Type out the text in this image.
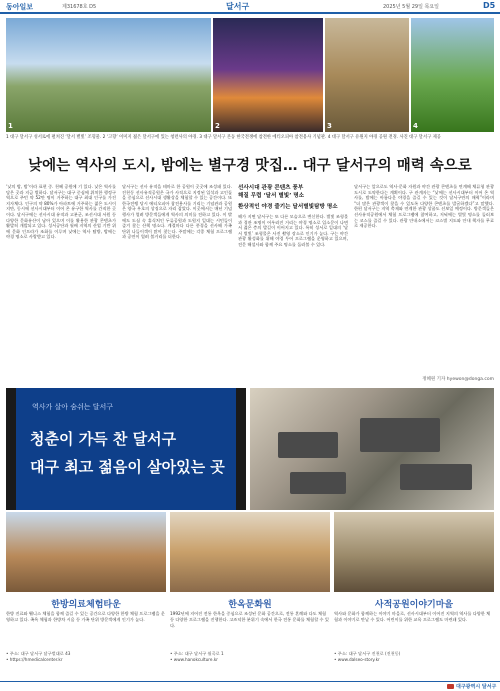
동아일보	제31678호 D5	달서구	2025년 5월 29일 목요일	D5
1	2	3	4
1 대구 달서구 성서로에 펼쳐진 ‘달서 별빛’ 조형물. 2 ‘고향’ 이미지 젊은 달서구에 있는 청련사의 야경. 3 대구 달서구 본동 한국전쟁에 참전한 에티오피아 참전용사 기념관. 4 대구 달서구 유원지 야경 공원 전경. 사진 대구 달서구 제공
낮에는 역사의 도시, 밤에는 별구경 맛집… 대구 달서구의 매력 속으로
‘낮의 밤, 밤’이라 표현 중. 천혜 공원에 기 있다. 낮은 역사를 담은 곳과 지금 별하다. 달서구는 대구 중심에 위치한 행정구역으로 주민 약 52만 명이 거주하는 대구 최대 인구를 가진 지자체다. 인구의 약 80%가 아파트에 거주하는 젊은 도시이지만, 동시에 선사시대부터 이어 온 유구한 역사를 간직한 곳이다. 달서구에는 선사시대 유적과 고분군, 조선시대 서원 등 다양한 문화유산이 남아 있으며 이를 활용한 관광 콘텐츠가 활발히 개발되고 있다. 성서공단과 월배 지역의 산업 기반 위에 문화 인프라가 조화를 이루며 낮에는 역사 탐방, 밤에는 야경 명소로 사랑받고 있다.
달서구는 선사 유적을 테마로 한 공원이 곳곳에 조성돼 있다. 진천동 선사유적공원은 국가 사적으로 지정된 입석과 고인돌을 중심으로 선사시대 생활상을 체험할 수 있는 공간이다. 또 한국전쟁 당시 에티오피아 참전용사를 기리는 기념관과 공원은 양국 우호의 상징으로 자리 잡았다. 이곳에서는 매년 기념 행사가 열려 방문객들에게 역사의 의미를 전하고 있다. 이 밖에도 도심 속 휴식처인 두류공원과 도원지 일대는 시민들이 즐겨 찾는 산책 명소다. 계절마다 다른 풍경을 선사해 가족 단위 나들이객이 많이 찾는다. 주말에는 각종 체험 프로그램과 공연이 열려 볼거리를 더한다.
선사시대 관광 콘텐츠 풍부
해질 무렵 ‘달서 별빛’ 명소
환상적인 야경 즐기는 달서별빛탐방 명소
해가 지면 달서구는 또 다른 모습으로 변신한다. 별빛 조형물과 경관 조명이 어우러진 거리는 야경 명소로 입소문이 나면서 젊은 층의 발길이 이어지고 있다. 특히 성서로 일대의 ‘달서 별빛’ 조형물은 사진 촬영 장소로 인기가 높다. 구는 야간 관광 활성화를 위해 야경 투어 프로그램을 운영하고 있으며, 전문 해설사와 함께 주요 명소를 둘러볼 수 있다.
달서구는 앞으로도 역사·문화 자원과 야간 관광 콘텐츠를 연계해 체류형 관광 도시로 도약한다는 계획이다. 구 관계자는 “낮에는 선사시대부터 이어 온 역사를, 밤에는 아름다운 야경을 즐길 수 있는 것이 달서구만의 매력”이라며 “더 많은 관광객이 찾을 수 있도록 다양한 콘텐츠를 발굴하겠다”고 말했다. 한편 달서구는 지역 축제와 연계한 관광 상품도 선보일 예정이다. 방문객들은 선사유적공원에서 체험 프로그램에 참여하고, 저녁에는 별빛 명소를 둘러보는 코스를 즐길 수 있다. 관광 안내소에서는 코스별 지도와 안내 책자를 무료로 제공한다.
정혜원 기자 hyewon@donga.com
역사가 살아 숨쉬는 달서구
청춘이 가득 찬 달서구
대구 최고 젊음이 살아있는 곳
한방의료체험타운	한옥문화원	사적공원이야기마을
한방 진료와 웰니스 체험을 함께 즐길 수 있는 공간으로 다양한 한방 체험 프로그램을 운영하고 있다. 족욕 체험과 한방차 시음 등 가족 단위 방문객에게 인기가 높다.
1992년에 지어진 전통 한옥을 중심으로 조성된 문화 공간으로, 전통 혼례와 다도 체험 등 다양한 프로그램을 진행한다. 고즈넉한 분위기 속에서 한국 전통 문화를 체험할 수 있다.
역사와 문화가 함께하는 이야기 마을로, 선사시대부터 이어진 지역의 역사를 다양한 체험과 이야기로 만날 수 있다. 어린이를 위한 교육 프로그램도 마련돼 있다.
• 주소: 대구 달서구 달구벌대로 43
• https://hmedicalcenter.kr
• 주소: 대구 달서구 월곡로 1
• www.hanokculture.kr
• 주소: 대구 달서구 진천로 (진천동)
• www.dalseo-story.kr
대구광역시 달서구
